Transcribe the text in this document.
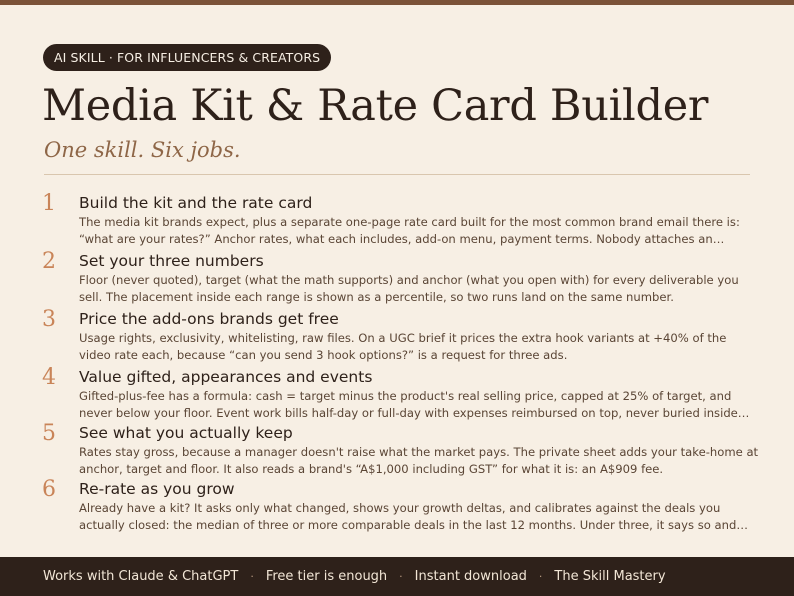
AI SKILL · FOR INFLUENCERS & CREATORS
Media Kit & Rate Card Builder
One skill. Six jobs.
1	Build the kit and the rate card

The media kit brands expect, plus a separate one-page rate card built for the most common brand email there is: “what are your rates?” Anchor rates, what each includes, add-on menu, payment terms. Nobody attaches an…

2	Set your three numbers

Floor (never quoted), target (what the math supports) and anchor (what you open with) for every deliverable you sell. The placement inside each range is shown as a percentile, so two runs land on the same number.

3	Price the add-ons brands get free

Usage rights, exclusivity, whitelisting, raw files. On a UGC brief it prices the extra hook variants at +40% of the video rate each, because “can you send 3 hook options?” is a request for three ads.

4	Value gifted, appearances and events

Gifted-plus-fee has a formula: cash = target minus the product's real selling price, capped at 25% of target, and never below your floor. Event work bills half-day or full-day with expenses reimbursed on top, never buried inside…

5	See what you actually keep

Rates stay gross, because a manager doesn't raise what the market pays. The private sheet adds your take-home at anchor, target and floor. It also reads a brand's “A$1,000 including GST” for what it is: an A$909 fee.

6	Re-rate as you grow

Already have a kit? It asks only what changed, shows your growth deltas, and calibrates against the deals you actually closed: the median of three or more comparable deals in the last 12 months. Under three, it says so and…

Works with Claude & ChatGPT · Free tier is enough · Instant download · The Skill Mastery
